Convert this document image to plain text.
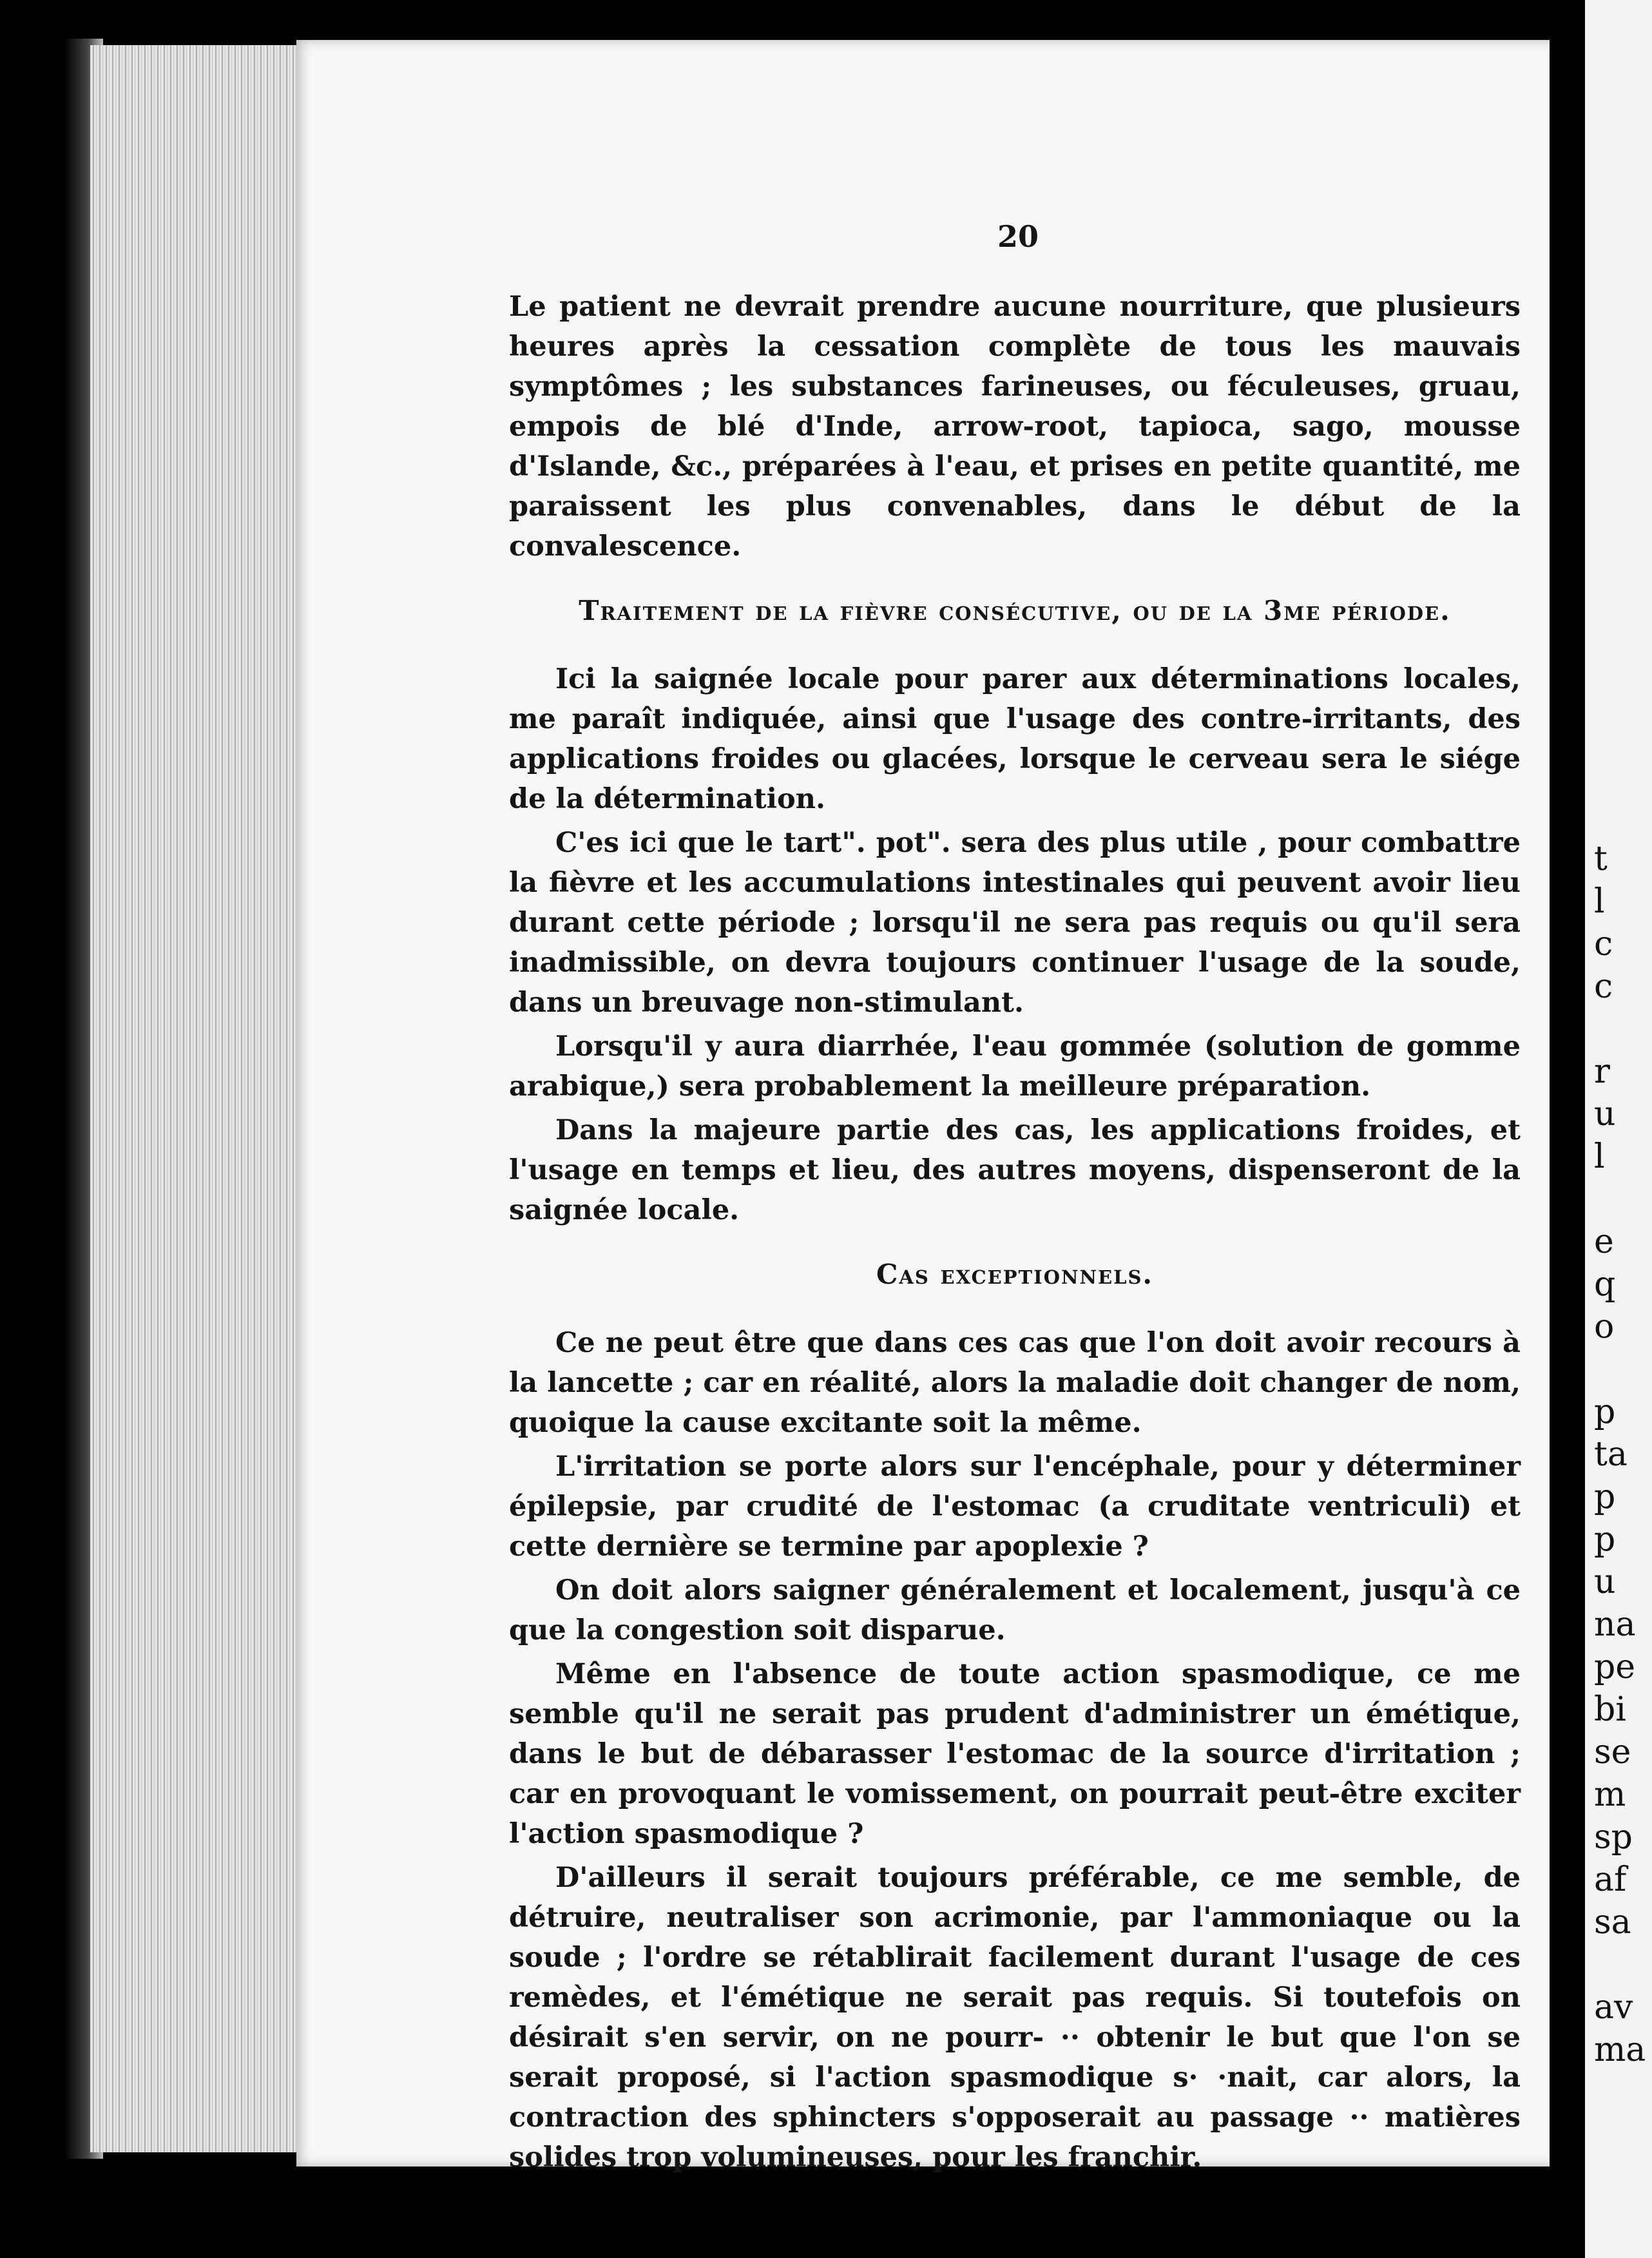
t
l
c
c
r
u
l
e
q
o
p
ta
p
p
u
na
pe
bi
se
m
sp
af
sa
av
ma
20

Le patient ne devrait prendre aucune nourriture, que plusieurs heures après la cessation complète de tous les mauvais symptômes ; les substances farineuses, ou féculeuses, gruau, empois de blé d'Inde, arrow-root, tapioca, sago, mousse d'Islande, &c., préparées à l'eau, et prises en petite quantité, me paraissent les plus convenables, dans le début de la convalescence.

Traitement de la fièvre consécutive, ou de la 3me période.

Ici la saignée locale pour parer aux déterminations locales, me paraît indiquée, ainsi que l'usage des contre-irritants, des applications froides ou glacées, lorsque le cerveau sera le siége de la détermination.

C'es ici que le tart". pot". sera des plus utile , pour combattre la fièvre et les accumulations intestinales qui peuvent avoir lieu durant cette période ; lorsqu'il ne sera pas requis ou qu'il sera inadmissible, on devra toujours continuer l'usage de la soude, dans un breuvage non-stimulant.

Lorsqu'il y aura diarrhée, l'eau gommée (solution de gomme arabique,) sera probablement la meilleure préparation.

Dans la majeure partie des cas, les applications froides, et l'usage en temps et lieu, des autres moyens, dispenseront de la saignée locale.

Cas exceptionnels.

Ce ne peut être que dans ces cas que l'on doit avoir recours à la lancette ; car en réalité, alors la maladie doit changer de nom, quoique la cause excitante soit la même.

L'irritation se porte alors sur l'encéphale, pour y déterminer épilepsie, par crudité de l'estomac (a cruditate ventriculi) et cette dernière se termine par apoplexie ?

On doit alors saigner généralement et localement, jusqu'à ce que la congestion soit disparue.

Même en l'absence de toute action spasmodique, ce me semble qu'il ne serait pas prudent d'administrer un émétique, dans le but de débarasser l'estomac de la source d'irritation ; car en provoquant le vomissement, on pourrait peut-être exciter l'action spasmodique ?

D'ailleurs il serait toujours préférable, ce me semble, de détruire, neutraliser son acrimonie, par l'ammoniaque ou la soude ; l'ordre se rétablirait facilement durant l'usage de ces remèdes, et l'émétique ne serait pas requis. Si toutefois on désirait s'en servir, on ne pourr- ·· obtenir le but que l'on se serait proposé, si l'action spasmodique s· ·nait, car alors, la contraction des sphincters s'opposerait au passage ·· matières solides trop volumineuses, pour les franchir.
